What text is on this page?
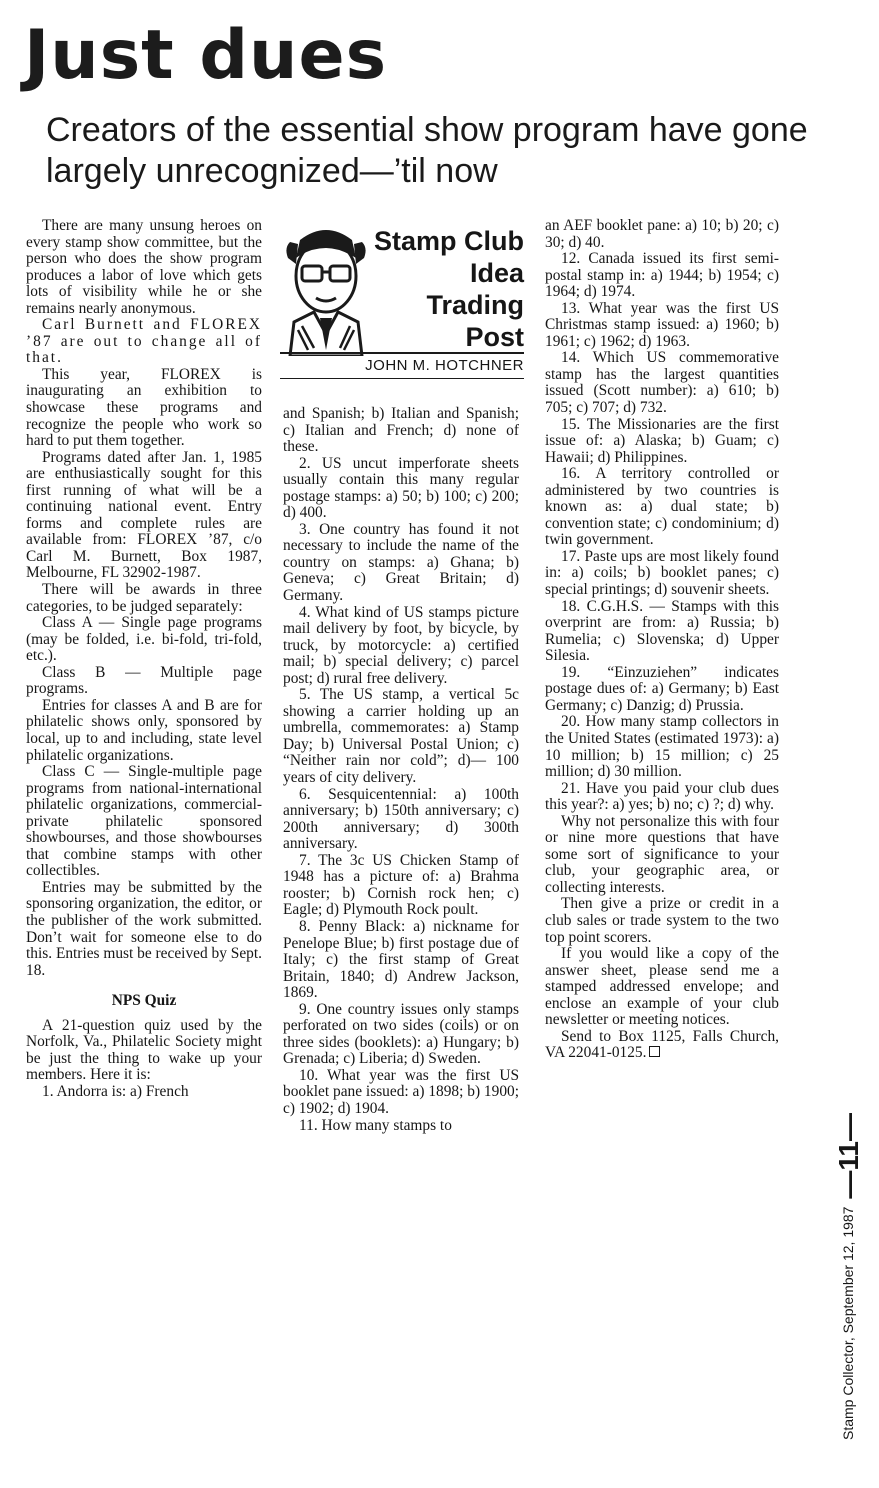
Just dues
Creators of the essential show program have gone largely unrecognized—’til now

There are many unsung heroes on every stamp show committee, but the person who does the show program produces a labor of love which gets lots of visibility while he or she remains nearly anonymous.

Carl Burnett and FLOREX ’87 are out to change all of that.

This year, FLOREX is inaugurating an exhibition to showcase these programs and recognize the people who work so hard to put them together.

Programs dated after Jan. 1, 1985 are enthusiastically sought for this first running of what will be a continuing national event. Entry forms and complete rules are available from: FLOREX ’87, c/o Carl M. Burnett, Box 1987, Melbourne, FL 32902-1987.

There will be awards in three categories, to be judged separately:

Class A — Single page programs (may be folded, i.e. bi-fold, tri-fold, etc.).

Class B — Multiple page programs.

Entries for classes A and B are for philatelic shows only, sponsored by local, up to and including, state level philatelic organizations.

Class C — Single-multiple page programs from national-international philatelic organizations, commercial-private philatelic sponsored showbourses, and those showbourses that combine stamps with other collectibles.

Entries may be submitted by the sponsoring organization, the editor, or the publisher of the work submitted. Don’t wait for someone else to do this. Entries must be received by Sept. 18.

NPS Quiz

A 21-question quiz used by the Norfolk, Va., Philatelic Society might be just the thing to wake up your members. Here it is:

1. Andorra is: a) French

Stamp Club

Idea

Trading

Post

JOHN M. HOTCHNER

and Spanish; b) Italian and Spanish; c) Italian and French; d) none of these.

2. US uncut imperforate sheets usually contain this many regular postage stamps: a) 50; b) 100; c) 200; d) 400.

3. One country has found it not necessary to include the name of the country on stamps: a) Ghana; b) Geneva; c) Great Britain; d) Germany.

4. What kind of US stamps picture mail delivery by foot, by bicycle, by truck, by motorcycle: a) certified mail; b) special delivery; c) parcel post; d) rural free delivery.

5. The US stamp, a vertical 5c showing a carrier holding up an umbrella, commemorates: a) Stamp Day; b) Universal Postal Union; c) “Neither rain nor cold”; d)— 100 years of city delivery.

6. Sesquicentennial: a) 100th anniversary; b) 150th anniversary; c) 200th anniversary; d) 300th anniversary.

7. The 3c US Chicken Stamp of 1948 has a picture of: a) Brahma rooster; b) Cornish rock hen; c) Eagle; d) Plymouth Rock poult.

8. Penny Black: a) nickname for Penelope Blue; b) first postage due of Italy; c) the first stamp of Great Britain, 1840; d) Andrew Jackson, 1869.

9. One country issues only stamps perforated on two sides (coils) or on three sides (booklets): a) Hungary; b) Grenada; c) Liberia; d) Sweden.

10. What year was the first US booklet pane issued: a) 1898; b) 1900; c) 1902; d) 1904.

11. How many stamps to

an AEF booklet pane: a) 10; b) 20; c) 30; d) 40.

12. Canada issued its first semi-postal stamp in: a) 1944; b) 1954; c) 1964; d) 1974.

13. What year was the first US Christmas stamp issued: a) 1960; b) 1961; c) 1962; d) 1963.

14. Which US commemorative stamp has the largest quantities issued (Scott number): a) 610; b) 705; c) 707; d) 732.

15. The Missionaries are the first issue of: a) Alaska; b) Guam; c) Hawaii; d) Philippines.

16. A territory controlled or administered by two countries is known as: a) dual state; b) convention state; c) condominium; d) twin government.

17. Paste ups are most likely found in: a) coils; b) booklet panes; c) special printings; d) souvenir sheets.

18. C.G.H.S. — Stamps with this overprint are from: a) Russia; b) Rumelia; c) Slovenska; d) Upper Silesia.

19. “Einzuziehen” indicates postage dues of: a) Germany; b) East Germany; c) Danzig; d) Prussia.

20. How many stamp collectors in the United States (estimated 1973): a) 10 million; b) 15 million; c) 25 million; d) 30 million.

21. Have you paid your club dues this year?: a) yes; b) no; c) ?; d) why.

Why not personalize this with four or nine more questions that have some sort of significance to your club, your geographic area, or collecting interests.

Then give a prize or credit in a club sales or trade system to the two top point scorers.

If you would like a copy of the answer sheet, please send me a stamped addressed envelope; and enclose an example of your club newsletter or meeting notices.

Send to Box 1125, Falls Church, VA 22041-0125.

Stamp Collector, September 12, 1987 —11—
